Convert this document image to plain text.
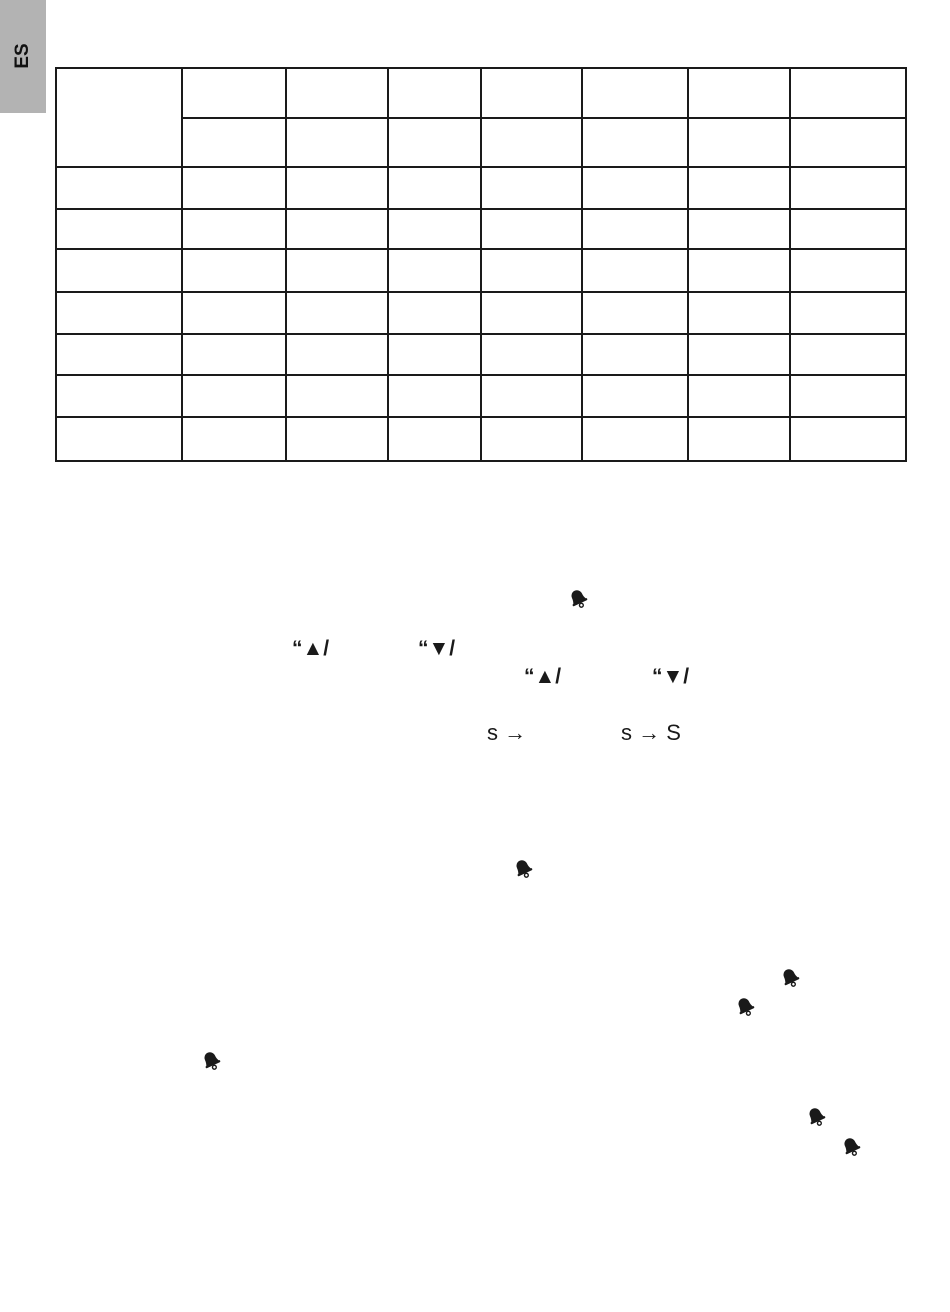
ES

“▲/	“▼/
“▲/	“▼/
s →	s → S
